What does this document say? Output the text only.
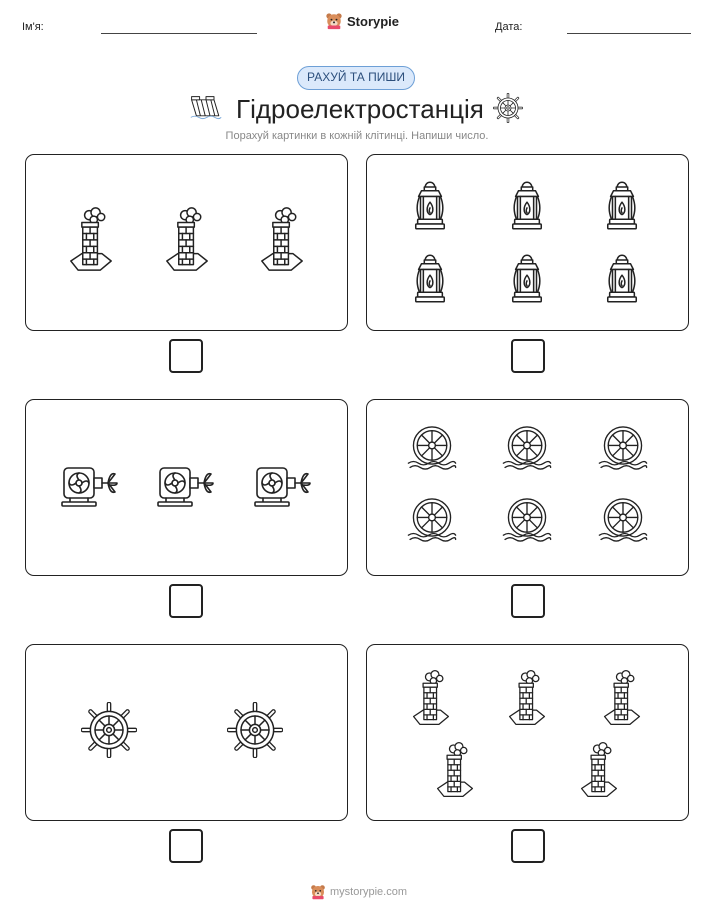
Ім'я:	Storypie	Дата:
РАХУЙ ТА ПИШИ
Гідроелектростанція
Порахуй картинки в кожній клітинці. Напиши число.
mystorypie.com
